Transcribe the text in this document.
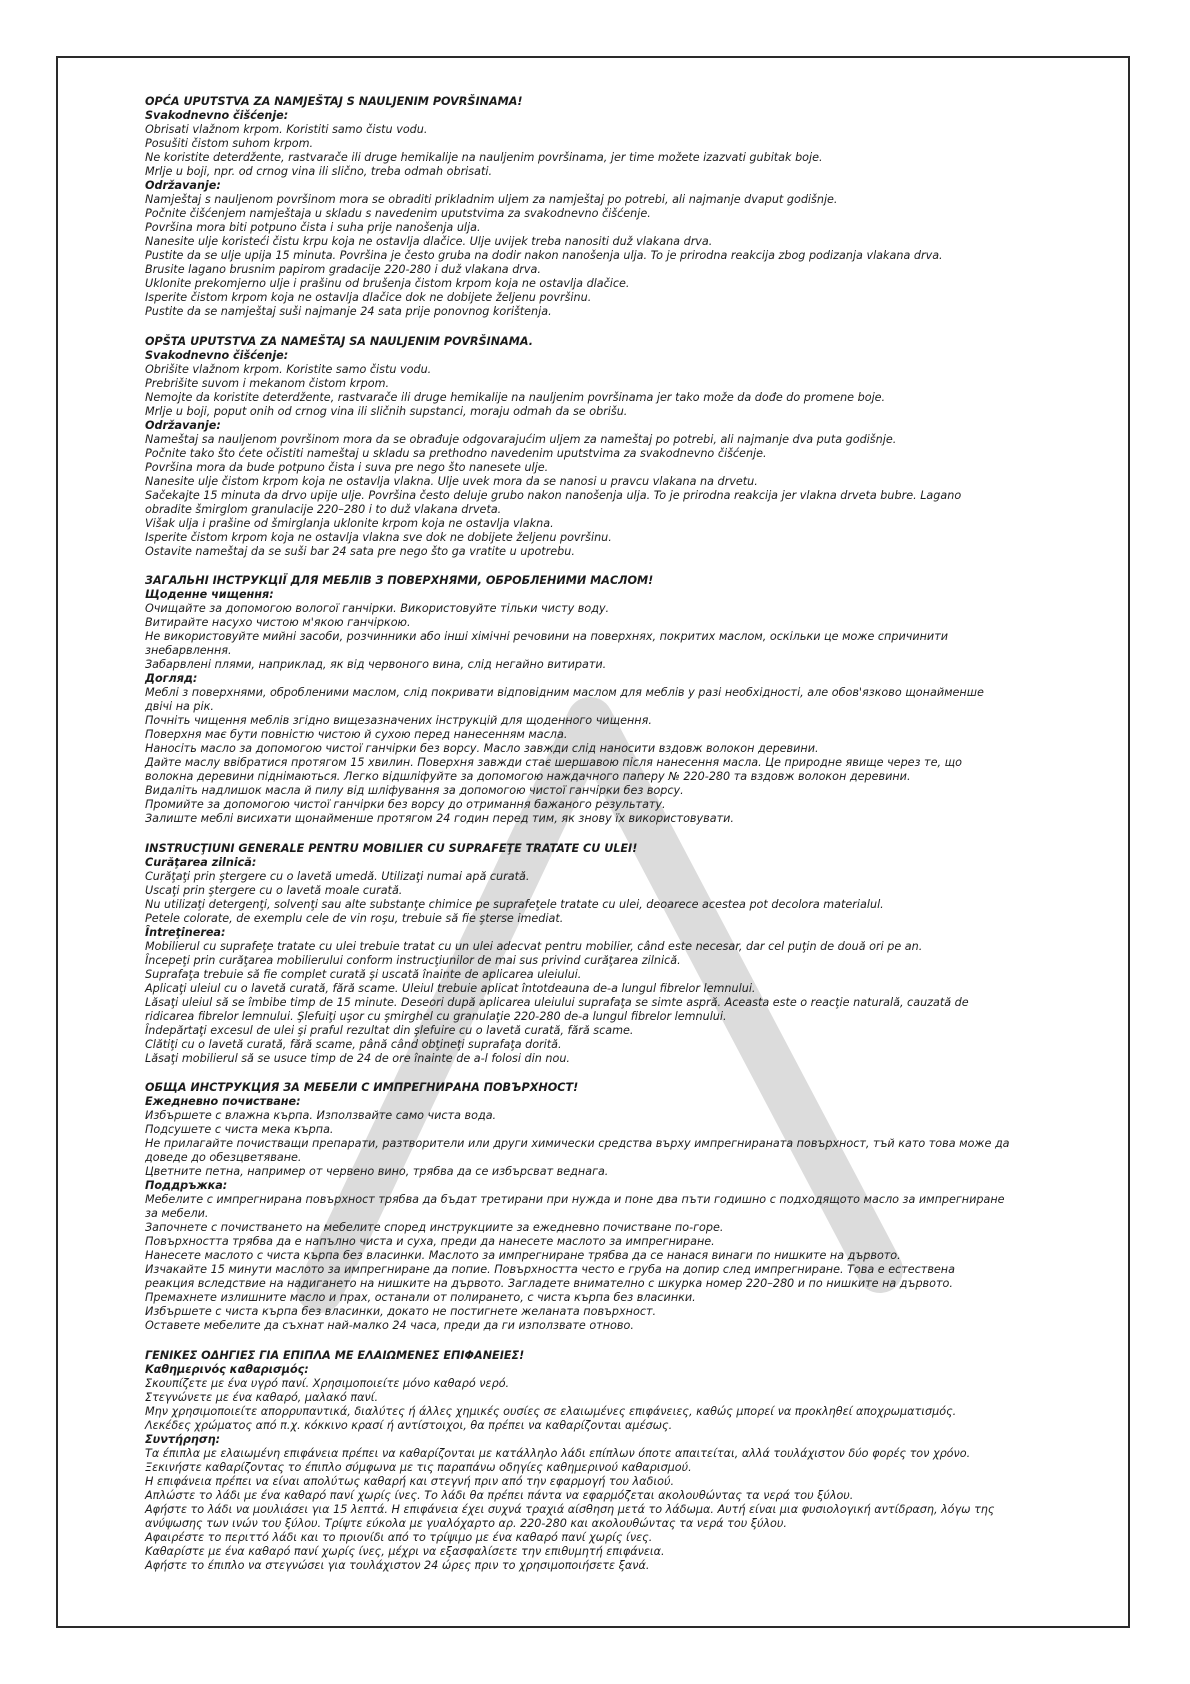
OPĆA UPUTSTVA ZA NAMJEŠTAJ S NAULJENIM POVRŠINAMA!
Svakodnevno čišćenje:
Obrisati vlažnom krpom. Koristiti samo čistu vodu.
Posušiti čistom suhom krpom.
Ne koristite deterdžente, rastvarače ili druge hemikalije na nauljenim površinama, jer time možete izazvati gubitak boje.
Mrlje u boji, npr. od crnog vina ili slično, treba odmah obrisati.
Održavanje:
Namještaj s nauljenom površinom mora se obraditi prikladnim uljem za namještaj po potrebi, ali najmanje dvaput godišnje.
Počnite čišćenjem namještaja u skladu s navedenim uputstvima za svakodnevno čišćenje.
Površina mora biti potpuno čista i suha prije nanošenja ulja.
Nanesite ulje koristeći čistu krpu koja ne ostavlja dlačice. Ulje uvijek treba nanositi duž vlakana drva.
Pustite da se ulje upija 15 minuta. Površina je često gruba na dodir nakon nanošenja ulja. To je prirodna reakcija zbog podizanja vlakana drva.
Brusite lagano brusnim papirom gradacije 220-280 i duž vlakana drva.
Uklonite prekomjerno ulje i prašinu od brušenja čistom krpom koja ne ostavlja dlačice.
Isperite čistom krpom koja ne ostavlja dlačice dok ne dobijete željenu površinu.
Pustite da se namještaj suši najmanje 24 sata prije ponovnog korištenja.
OPŠTA UPUTSTVA ZA NAMEŠTAJ SA NAULJENIM POVRŠINAMA.
Svakodnevno čišćenje:
Obrišite vlažnom krpom. Koristite samo čistu vodu.
Prebrišite suvom i mekanom čistom krpom.
Nemojte da koristite deterdžente, rastvarače ili druge hemikalije na nauljenim površinama jer tako može da dođe do promene boje.
Mrlje u boji, poput onih od crnog vina ili sličnih supstanci, moraju odmah da se obrišu.
Održavanje:
Nameštaj sa nauljenom površinom mora da se obrađuje odgovarajućim uljem za nameštaj po potrebi, ali najmanje dva puta godišnje.
Počnite tako što ćete očistiti nameštaj u skladu sa prethodno navedenim uputstvima za svakodnevno čišćenje.
Površina mora da bude potpuno čista i suva pre nego što nanesete ulje.
Nanesite ulje čistom krpom koja ne ostavlja vlakna. Ulje uvek mora da se nanosi u pravcu vlakana na drvetu.
Sačekajte 15 minuta da drvo upije ulje. Površina često deluje grubo nakon nanošenja ulja. To je prirodna reakcija jer vlakna drveta bubre. Lagano
obradite šmirglom granulacije 220–280 i to duž vlakana drveta.
Višak ulja i prašine od šmirglanja uklonite krpom koja ne ostavlja vlakna.
Isperite čistom krpom koja ne ostavlja vlakna sve dok ne dobijete željenu površinu.
Ostavite nameštaj da se suši bar 24 sata pre nego što ga vratite u upotrebu.
ЗАГАЛЬНІ ІНСТРУКЦІЇ ДЛЯ МЕБЛІВ З ПОВЕРХНЯМИ, ОБРОБЛЕНИМИ МАСЛОМ!
Щоденне чищення:
Очищайте за допомогою вологої ганчірки. Використовуйте тільки чисту воду.
Витирайте насухо чистою м'якою ганчіркою.
Не використовуйте мийні засоби, розчинники або інші хімічні речовини на поверхнях, покритих маслом, оскільки це може спричинити
знебарвлення.
Забарвлені плями, наприклад, як від червоного вина, слід негайно витирати.
Догляд:
Меблі з поверхнями, обробленими маслом, слід покривати відповідним маслом для меблів у разі необхідності, але обов'язково щонайменше
двічі на рік.
Почніть чищення меблів згідно вищезазначених інструкцій для щоденного чищення.
Поверхня має бути повністю чистою й сухою перед нанесенням масла.
Наносіть масло за допомогою чистої ганчірки без ворсу. Масло завжди слід наносити вздовж волокон деревини.
Дайте маслу ввібратися протягом 15 хвилин. Поверхня завжди стає шершавою після нанесення масла. Це природне явище через те, що
волокна деревини піднімаються. Легко відшліфуйте за допомогою наждачного паперу № 220-280 та вздовж волокон деревини.
Видаліть надлишок масла й пилу від шліфування за допомогою чистої ганчірки без ворсу.
Промийте за допомогою чистої ганчірки без ворсу до отримання бажаного результату.
Залиште меблі висихати щонайменше протягом 24 годин перед тим, як знову їх використовувати.
INSTRUCŢIUNI GENERALE PENTRU MOBILIER CU SUPRAFEŢE TRATATE CU ULEI!
Curăţarea zilnică:
Curăţaţi prin ştergere cu o lavetă umedă. Utilizaţi numai apă curată.
Uscaţi prin ştergere cu o lavetă moale curată.
Nu utilizaţi detergenţi, solvenţi sau alte substanţe chimice pe suprafeţele tratate cu ulei, deoarece acestea pot decolora materialul.
Petele colorate, de exemplu cele de vin roşu, trebuie să fie şterse imediat.
Întreţinerea:
Mobilierul cu suprafeţe tratate cu ulei trebuie tratat cu un ulei adecvat pentru mobilier, când este necesar, dar cel puţin de două ori pe an.
Începeţi prin curăţarea mobilierului conform instrucţiunilor de mai sus privind curăţarea zilnică.
Suprafaţa trebuie să fie complet curată şi uscată înainte de aplicarea uleiului.
Aplicaţi uleiul cu o lavetă curată, fără scame. Uleiul trebuie aplicat întotdeauna de-a lungul fibrelor lemnului.
Lăsaţi uleiul să se îmbibe timp de 15 minute. Deseori după aplicarea uleiului suprafaţa se simte aspră. Aceasta este o reacţie naturală, cauzată de
ridicarea fibrelor lemnului. Şlefuiţi uşor cu şmirghel cu granulaţie 220-280 de-a lungul fibrelor lemnului.
Îndepărtaţi excesul de ulei şi praful rezultat din şlefuire cu o lavetă curată, fără scame.
Clătiţi cu o lavetă curată, fără scame, până când obţineţi suprafaţa dorită.
Lăsaţi mobilierul să se usuce timp de 24 de ore înainte de a-l folosi din nou.
ОБЩА ИНСТРУКЦИЯ ЗА МЕБЕЛИ С ИМПРЕГНИРАНА ПОВЪРХНОСТ!
Ежедневно почистване:
Избършете с влажна кърпа. Използвайте само чиста вода.
Подсушете с чиста мека кърпа.
Не прилагайте почистващи препарати, разтворители или други химически средства върху импрегнираната повърхност, тъй като това може да
доведе до обезцветяване.
Цветните петна, например от червено вино, трябва да се избърсват веднага.
Поддръжка:
Мебелите с импрегнирана повърхност трябва да бъдат третирани при нужда и поне два пъти годишно с подходящото масло за импрегниране
за мебели.
Започнете с почистването на мебелите според инструкциите за ежедневно почистване по-горе.
Повърхността трябва да е напълно чиста и суха, преди да нанесете маслото за импрегниране.
Нанесете маслото с чиста кърпа без власинки. Маслото за импрегниране трябва да се нанася винаги по нишките на дървото.
Изчакайте 15 минути маслото за импрегниране да попие. Повърхността често е груба на допир след импрегниране. Това е естествена
реакция вследствие на надигането на нишките на дървото. Загладете внимателно с шкурка номер 220–280 и по нишките на дървото.
Премахнете излишните масло и прах, останали от полирането, с чиста кърпа без власинки.
Избършете с чиста кърпа без власинки, докато не постигнете желаната повърхност.
Оставете мебелите да съхнат най-малко 24 часа, преди да ги използвате отново.
ΓΕΝΙΚΕΣ ΟΔΗΓΙΕΣ ΓΙΑ ΕΠΙΠΛΑ ΜΕ ΕΛΑΙΩΜΕΝΕΣ ΕΠΙΦΑΝΕΙΕΣ!
Καθημερινός καθαρισμός:
Σκουπίζετε με ένα υγρό πανί. Χρησιμοποιείτε μόνο καθαρό νερό.
Στεγνώνετε με ένα καθαρό, μαλακό πανί.
Μην χρησιμοποιείτε απορρυπαντικά, διαλύτες ή άλλες χημικές ουσίες σε ελαιωμένες επιφάνειες, καθώς μπορεί να προκληθεί αποχρωματισμός.
Λεκέδες χρώματος από π.χ. κόκκινο κρασί ή αντίστοιχοι, θα πρέπει να καθαρίζονται αμέσως.
Συντήρηση:
Τα έπιπλα με ελαιωμένη επιφάνεια πρέπει να καθαρίζονται με κατάλληλο λάδι επίπλων όποτε απαιτείται, αλλά τουλάχιστον δύο φορές τον χρόνο.
Ξεκινήστε καθαρίζοντας το έπιπλο σύμφωνα με τις παραπάνω οδηγίες καθημερινού καθαρισμού.
Η επιφάνεια πρέπει να είναι απολύτως καθαρή και στεγνή πριν από την εφαρμογή του λαδιού.
Απλώστε το λάδι με ένα καθαρό πανί χωρίς ίνες. Το λάδι θα πρέπει πάντα να εφαρμόζεται ακολουθώντας τα νερά του ξύλου.
Αφήστε το λάδι να μουλιάσει για 15 λεπτά. Η επιφάνεια έχει συχνά τραχιά αίσθηση μετά το λάδωμα. Αυτή είναι μια φυσιολογική αντίδραση, λόγω της
ανύψωσης των ινών του ξύλου. Τρίψτε εύκολα με γυαλόχαρτο αρ. 220-280 και ακολουθώντας τα νερά του ξύλου.
Αφαιρέστε το περιττό λάδι και το πριονίδι από το τρίψιμο με ένα καθαρό πανί χωρίς ίνες.
Καθαρίστε με ένα καθαρό πανί χωρίς ίνες, μέχρι να εξασφαλίσετε την επιθυμητή επιφάνεια.
Αφήστε το έπιπλο να στεγνώσει για τουλάχιστον 24 ώρες πριν το χρησιμοποιήσετε ξανά.
